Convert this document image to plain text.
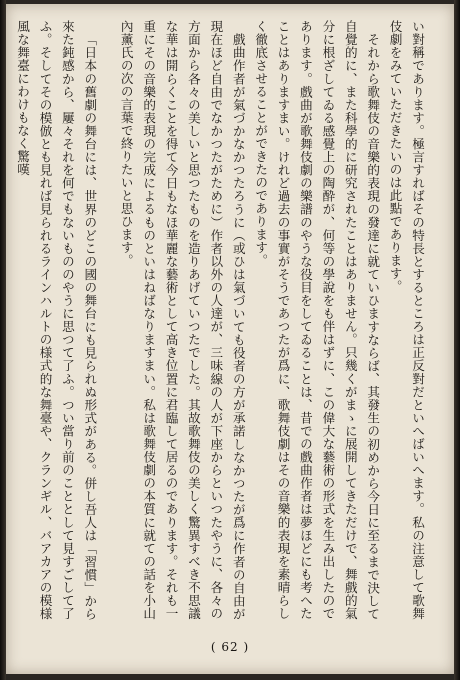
い對稱であります。極言すればその特長とするところは正反對だといへばいへます。私の注意して歌舞伎劇をみていただきたいのは此點であります。

それから歌舞伎の音樂的表現の發達に就ていひますならば、其發生の初めから今日に至るまで決して自覺的に、また科學的に研究されたことはありません。只幾くがまゝに展開してきただけで、舞戲的氣分に根ざしてゐる感覺上の陶酔が、何等の學說をも伴はずに、この偉大な藝術の形式を生み出したのであります。戲曲が歌舞伎劇の樂譜のやうな役目をしてゐることは、昔での戲曲作者は夢ほどにも考へたことはありますまい。けれど過去の事實がそうであつたが爲に、歌舞伎劇はその音樂的表現を素晴らしく徹底させることができたのであります。

戲曲作者が氣づかなかつたろうに（或ひは氣づいても役者の方が承諾しなかつたが爲に作者の自由が現在ほど自由でなかつたがために）作者以外の人達が、三味線の人が下座からといつたやうに、各々の方面から各々の美しいと思つたものを造りあげていつたでした。其故歌舞伎の美しく驚異すべき不思議な華は開らくことを得て今日もなほ華麗な藝術として高き位置に君臨して居るのであります。それも一重にその音樂的表現の完成によるものといはねばなりますまい。私は歌舞伎劇の本質に就ての話を小山內薰氏の次の言葉で終りたいと思ひます。

「日本の舊劇の舞台には、世界のどこの國の舞台にも見られぬ形式がある。併し吾人は「習慣」から來た鈍感から、屢々それを何でもないもののやうに思つて了ふ。つい當り前のこととして見すごして了ふ。そしてその模倣とも見れば見られるラインハルトの様式的な舞臺や、クランギル、バアカアの模様風な舞臺にわけもなく驚嘆

( 62 )
